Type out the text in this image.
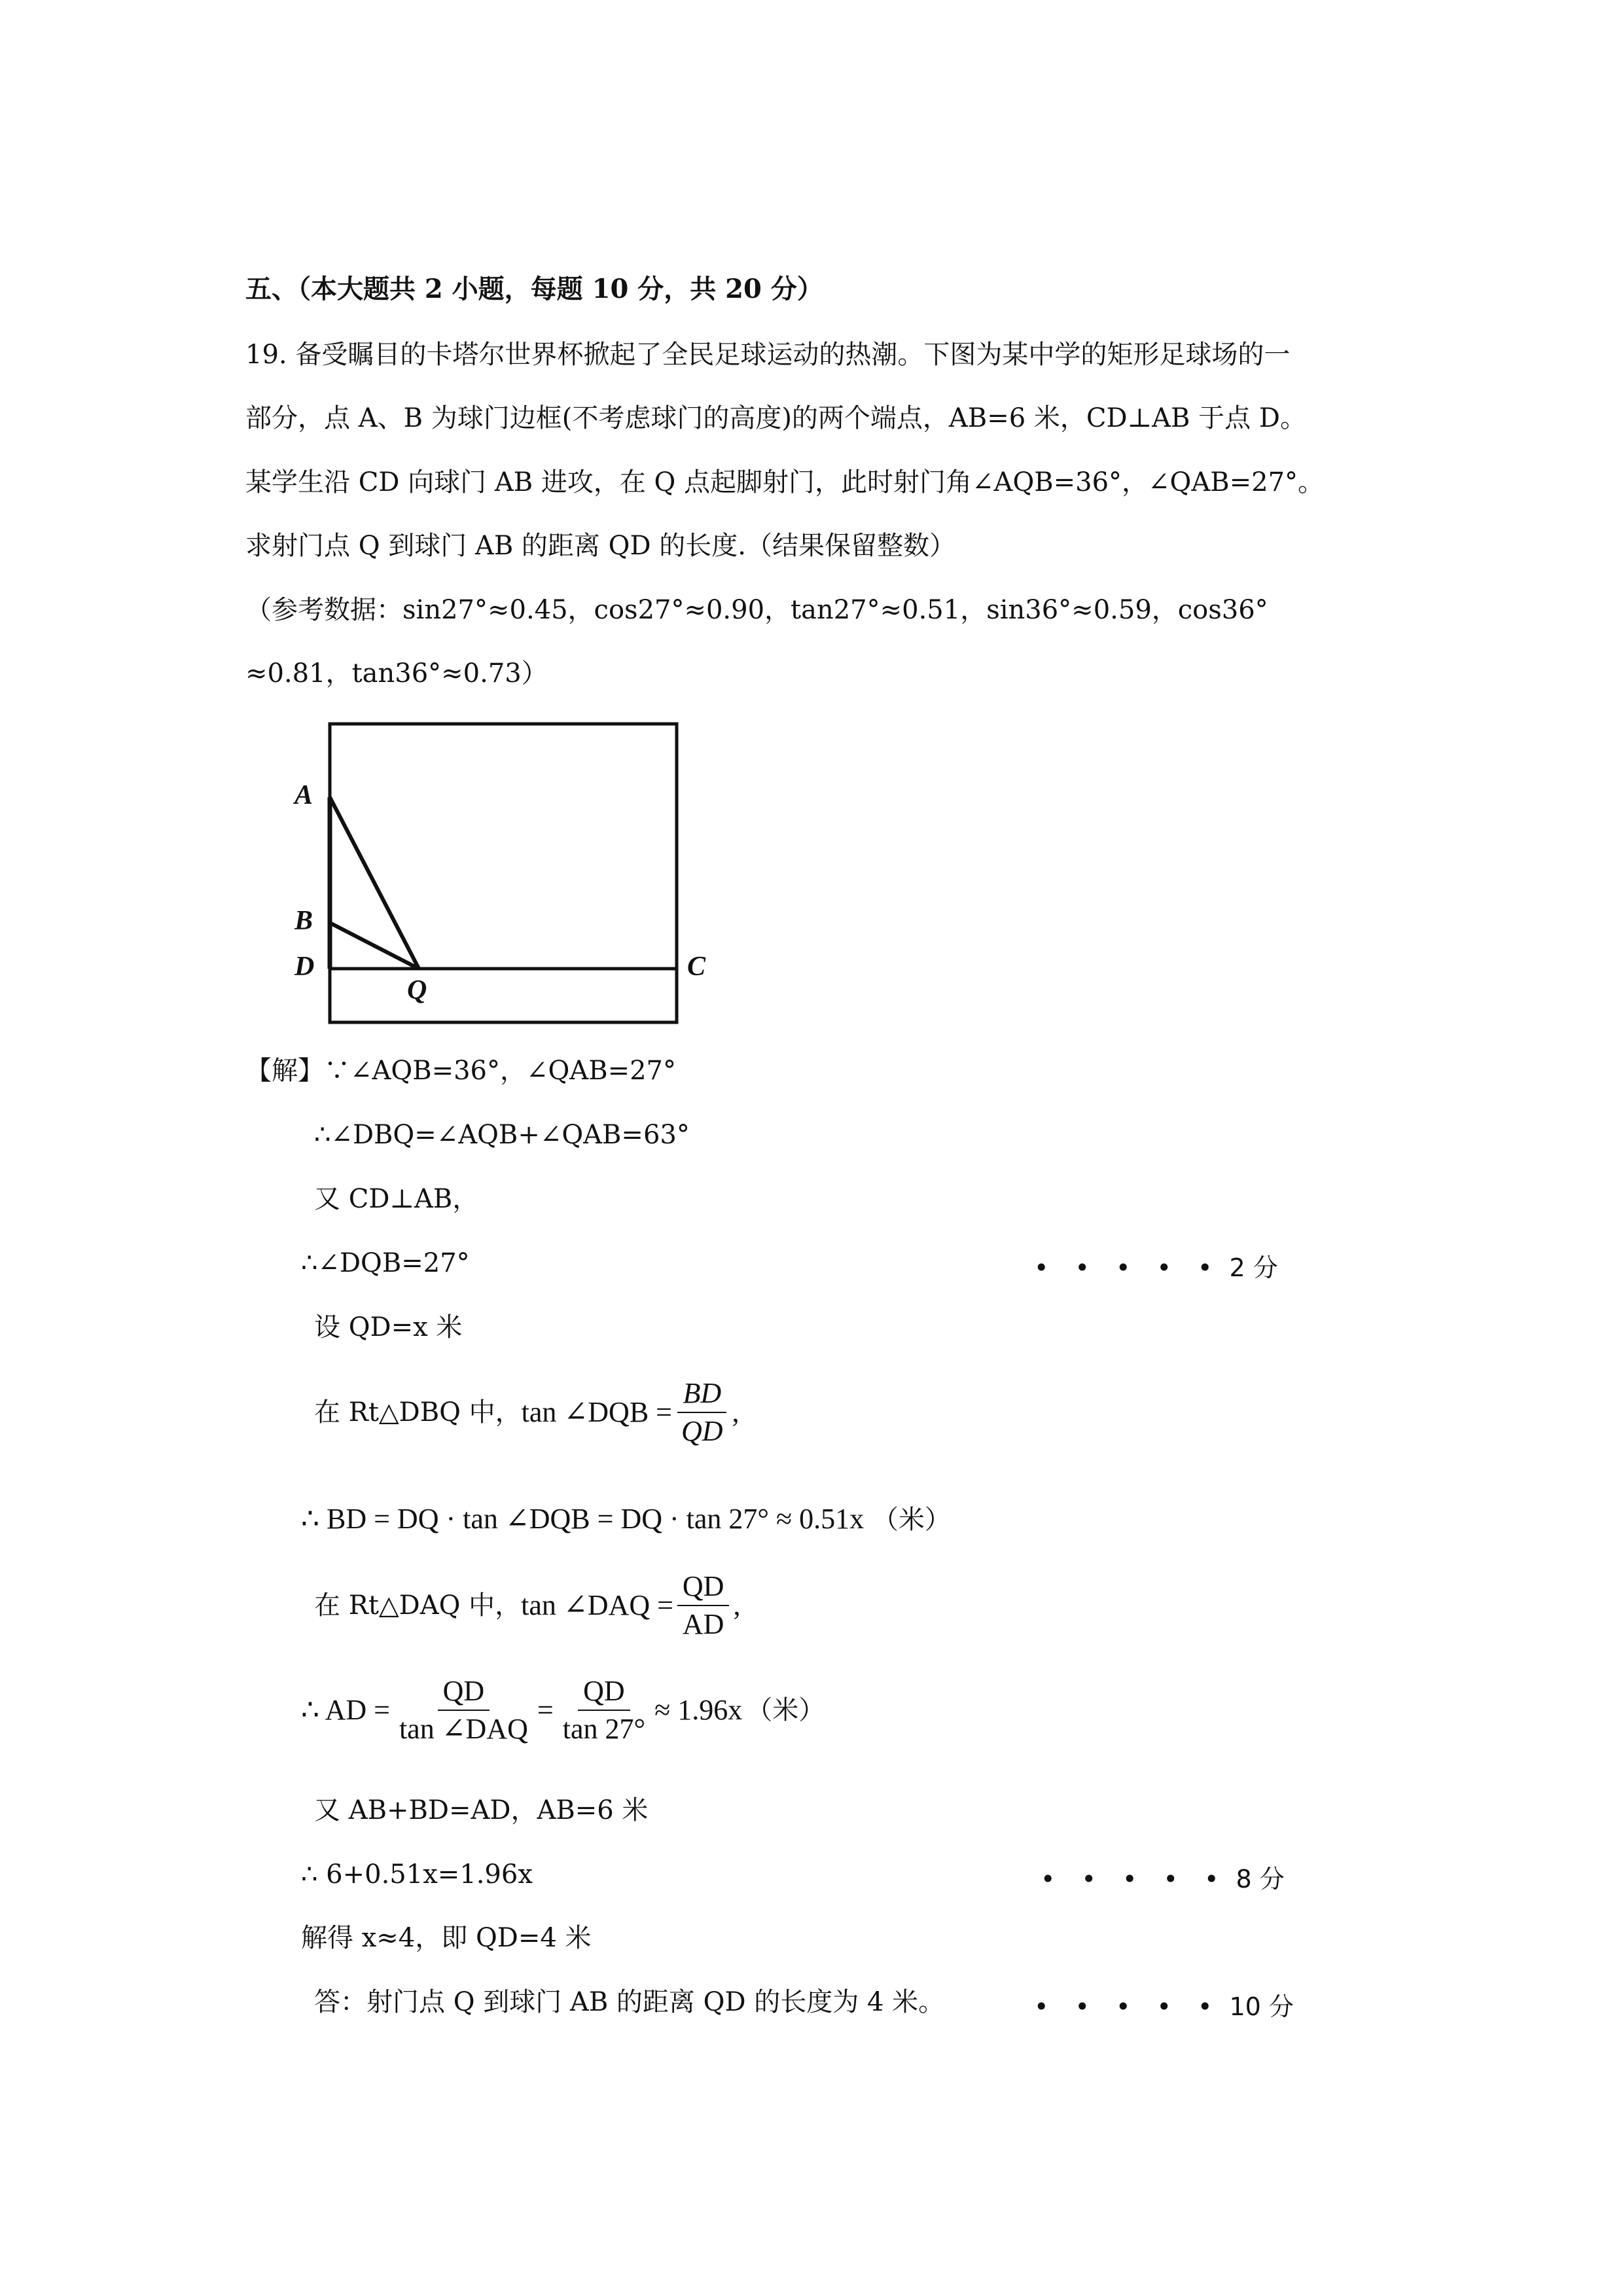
五、（本大题共 2 小题，每题 10 分，共 20 分）
19. 备受瞩目的卡塔尔世界杯掀起了全民足球运动的热潮。下图为某中学的矩形足球场的一
部分，点 A、B 为球门边框(不考虑球门的高度)的两个端点，AB=6 米，CD⊥AB 于点 D。
某学生沿 CD 向球门 AB 进攻，在 Q 点起脚射门，此时射门角∠AQB=36°，∠QAB=27°。
求射门点 Q 到球门 AB 的距离 QD 的长度.（结果保留整数）
（参考数据：sin27°≈0.45，cos27°≈0.90，tan27°≈0.51，sin36°≈0.59，cos36°
≈0.81，tan36°≈0.73）
A
B
D
Q
C
【解】∵∠AQB=36°，∠QAB=27°
∴∠DBQ=∠AQB+∠QAB=63°
又 CD⊥AB，
∴∠DQB=27°
设 QD=x 米
在 Rt△DBQ 中， tan ∠DQB = $\frac{BD}{QD}$ ,
∴ BD = DQ · tan ∠DQB = DQ · tan 27° ≈ 0.51x （米）
在 Rt△DAQ 中， tan ∠DAQ = $\frac{QD}{AD}$ ,
∴ AD = $\frac{QD}{\text{tan ∠DAQ}} = \frac{QD}{\tan 27^\circ} \approx 1.96x$ （米）
又 AB+BD=AD，AB=6 米
∴ 6+0.51x=1.96x
解得 x≈4，即 QD=4 米
答：射门点 Q 到球门 AB 的距离 QD 的长度为 4 米。
• • • • • 2 分
• • • • • 8 分
• • • • • 10 分
